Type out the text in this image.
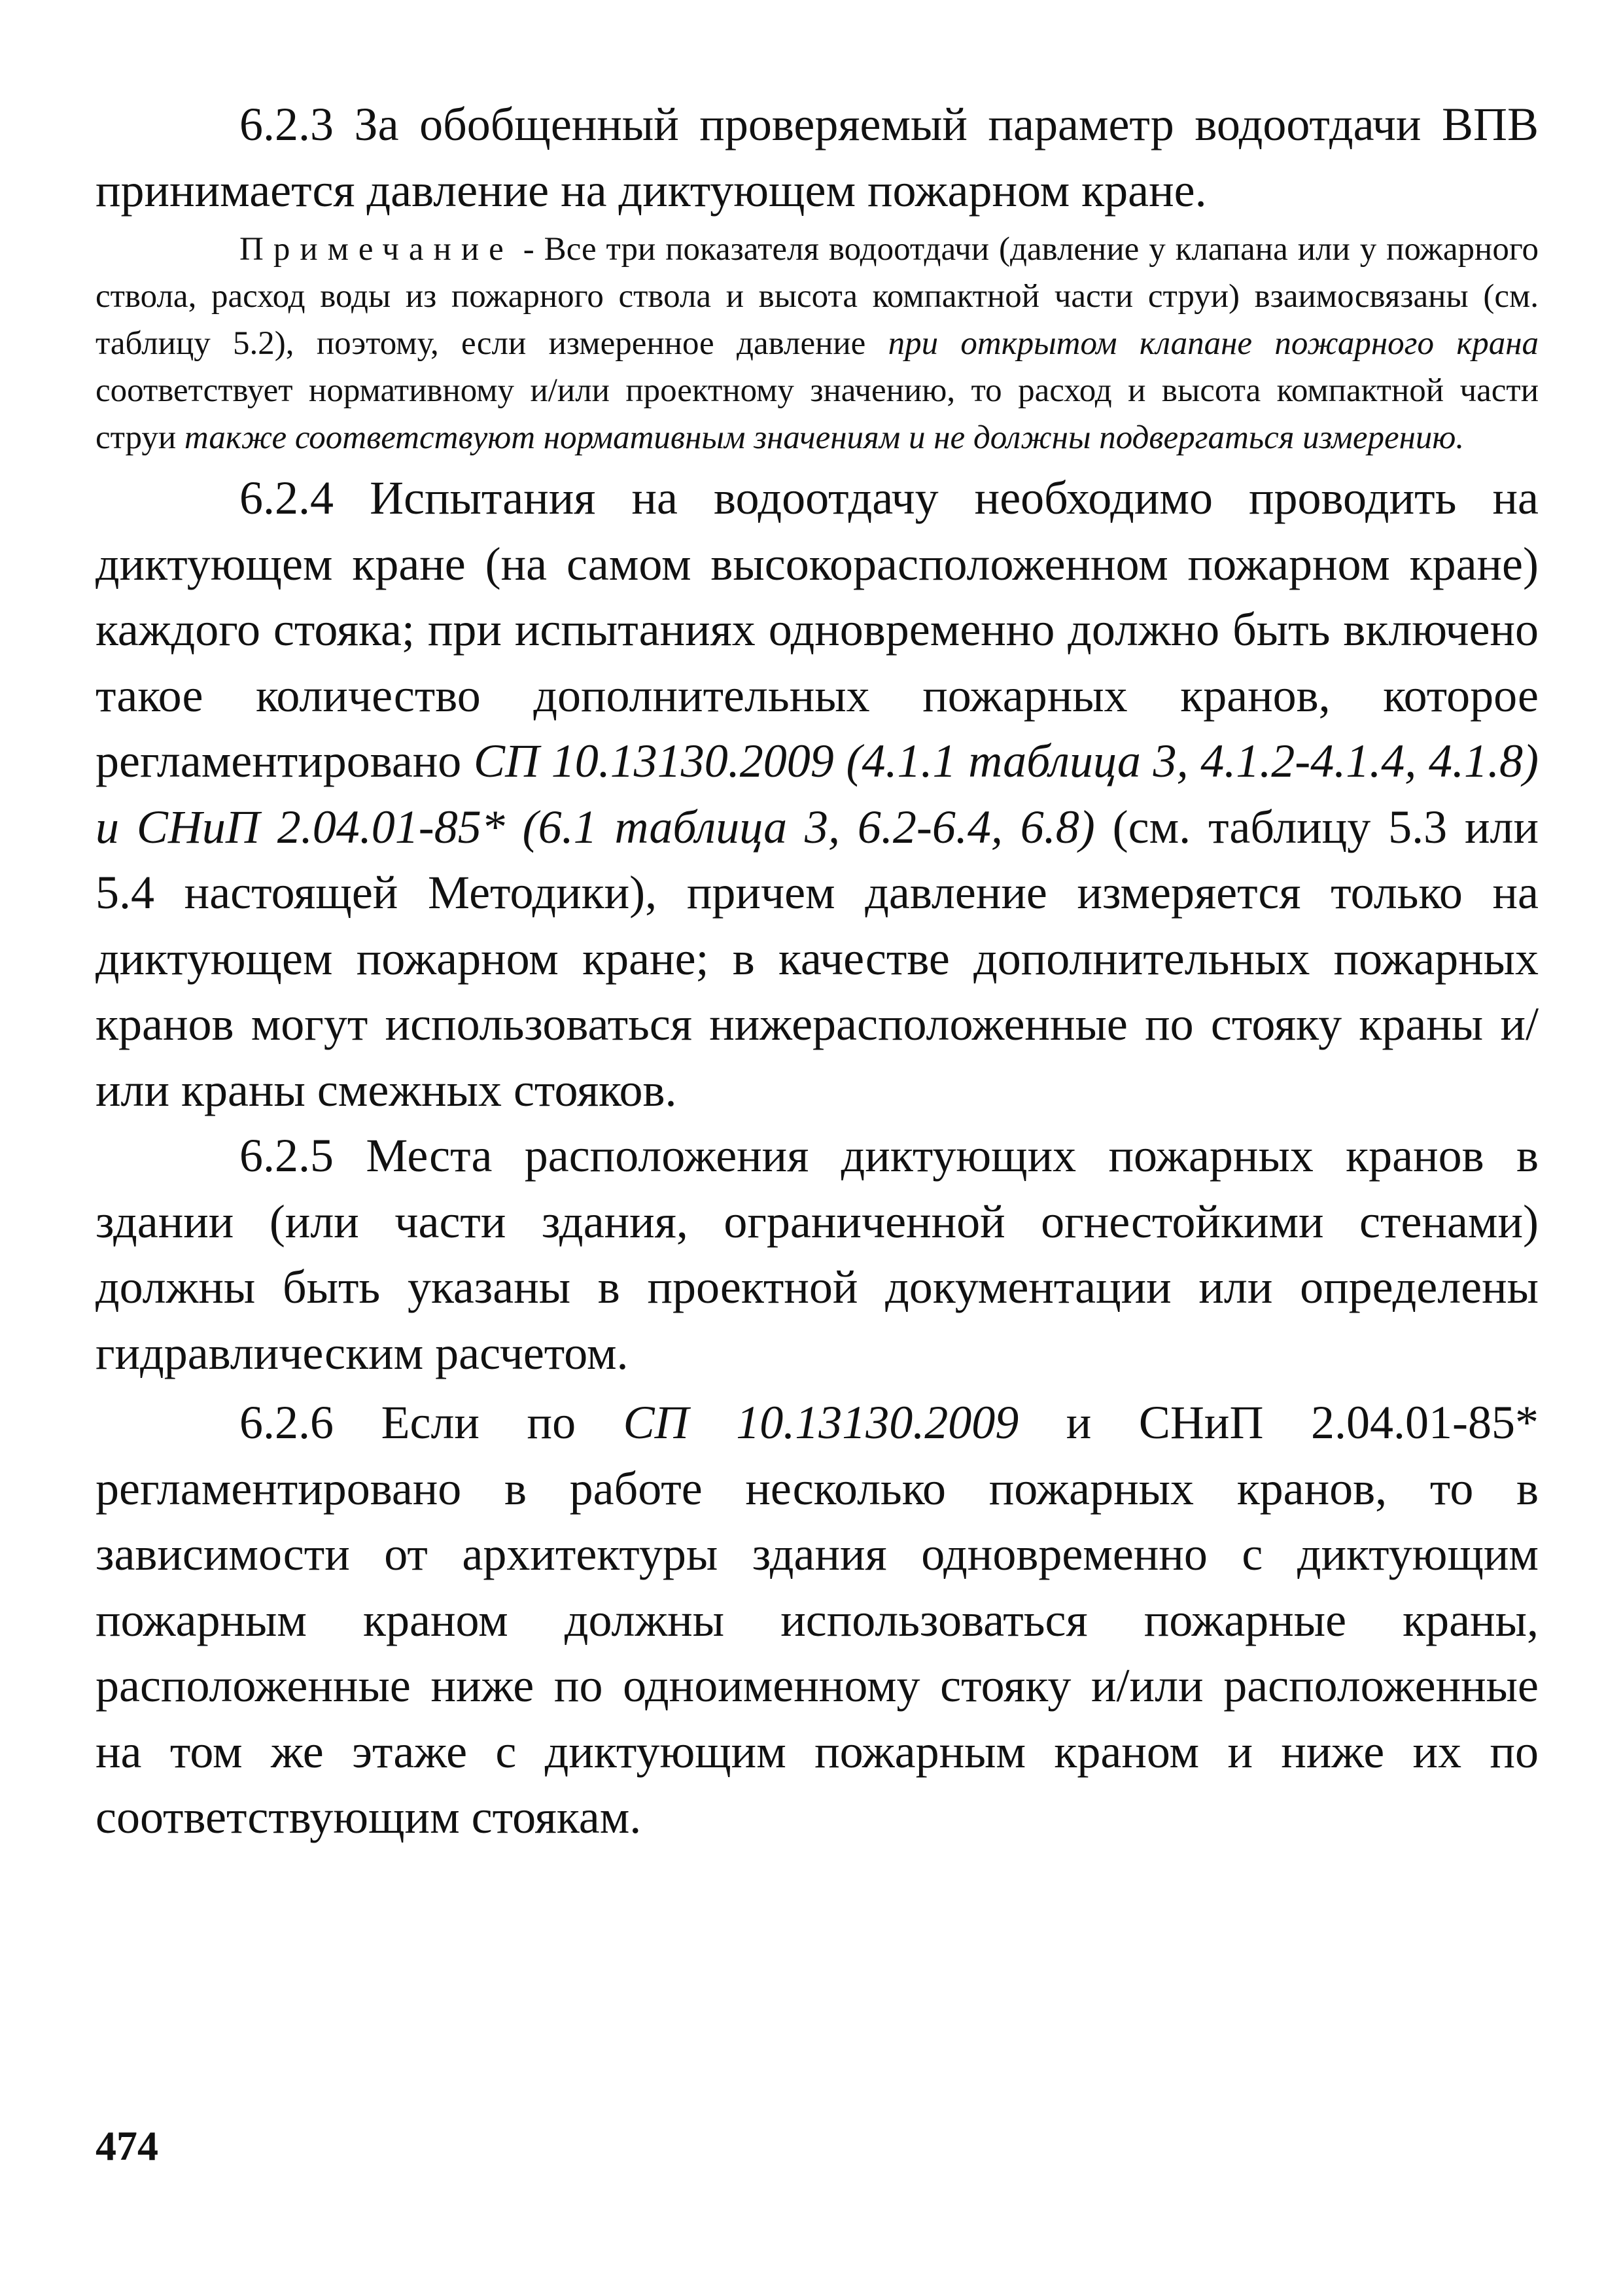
6.2.3 За обобщенный проверяемый параметр водоотдачи ВПВ принимается давление на диктующем пожарном кране.

Примечание - Все три показателя водоотдачи (давление у клапана или у пожарного ствола, расход воды из пожарного ствола и высота компактной части струи) взаимосвязаны (см. таблицу 5.2), поэтому, если измеренное давление при открытом клапане пожарного крана соответствует нормативному и/или проектному значению, то расход и высота компактной части струи также соответствуют нормативным значениям и не должны подвергаться измерению.

6.2.4 Испытания на водоотдачу необходимо проводить на диктующем кране (на самом высокорасположенном пожарном кране) каждого стояка; при испытаниях одновременно должно быть включено такое количество дополнительных пожарных кранов, которое регламентировано СП 10.13130.2009 (4.1.1 таблица 3, 4.1.2-4.1.4, 4.1.8) и СНиП 2.04.01-85* (6.1 таблица 3, 6.2-6.4, 6.8) (см. таблицу 5.3 или 5.4 настоящей Методики), причем давление измеряется только на диктующем пожарном кране; в качестве дополнительных пожарных кранов могут использоваться нижерасположенные по стояку краны и/или краны смежных стояков.

6.2.5 Места расположения диктующих пожарных кранов в здании (или части здания, ограниченной огнестойкими стенами) должны быть указаны в проектной документации или определены гидравлическим расчетом.

6.2.6 Если по СП 10.13130.2009 и СНиП 2.04.01-85* регламентировано в работе несколько пожарных кранов, то в зависимости от архитектуры здания одновременно с диктующим пожарным краном должны использоваться пожарные краны, расположенные ниже по одноименному стояку и/или расположенные на том же этаже с диктующим пожарным краном и ниже их по соответствующим стоякам.

474
